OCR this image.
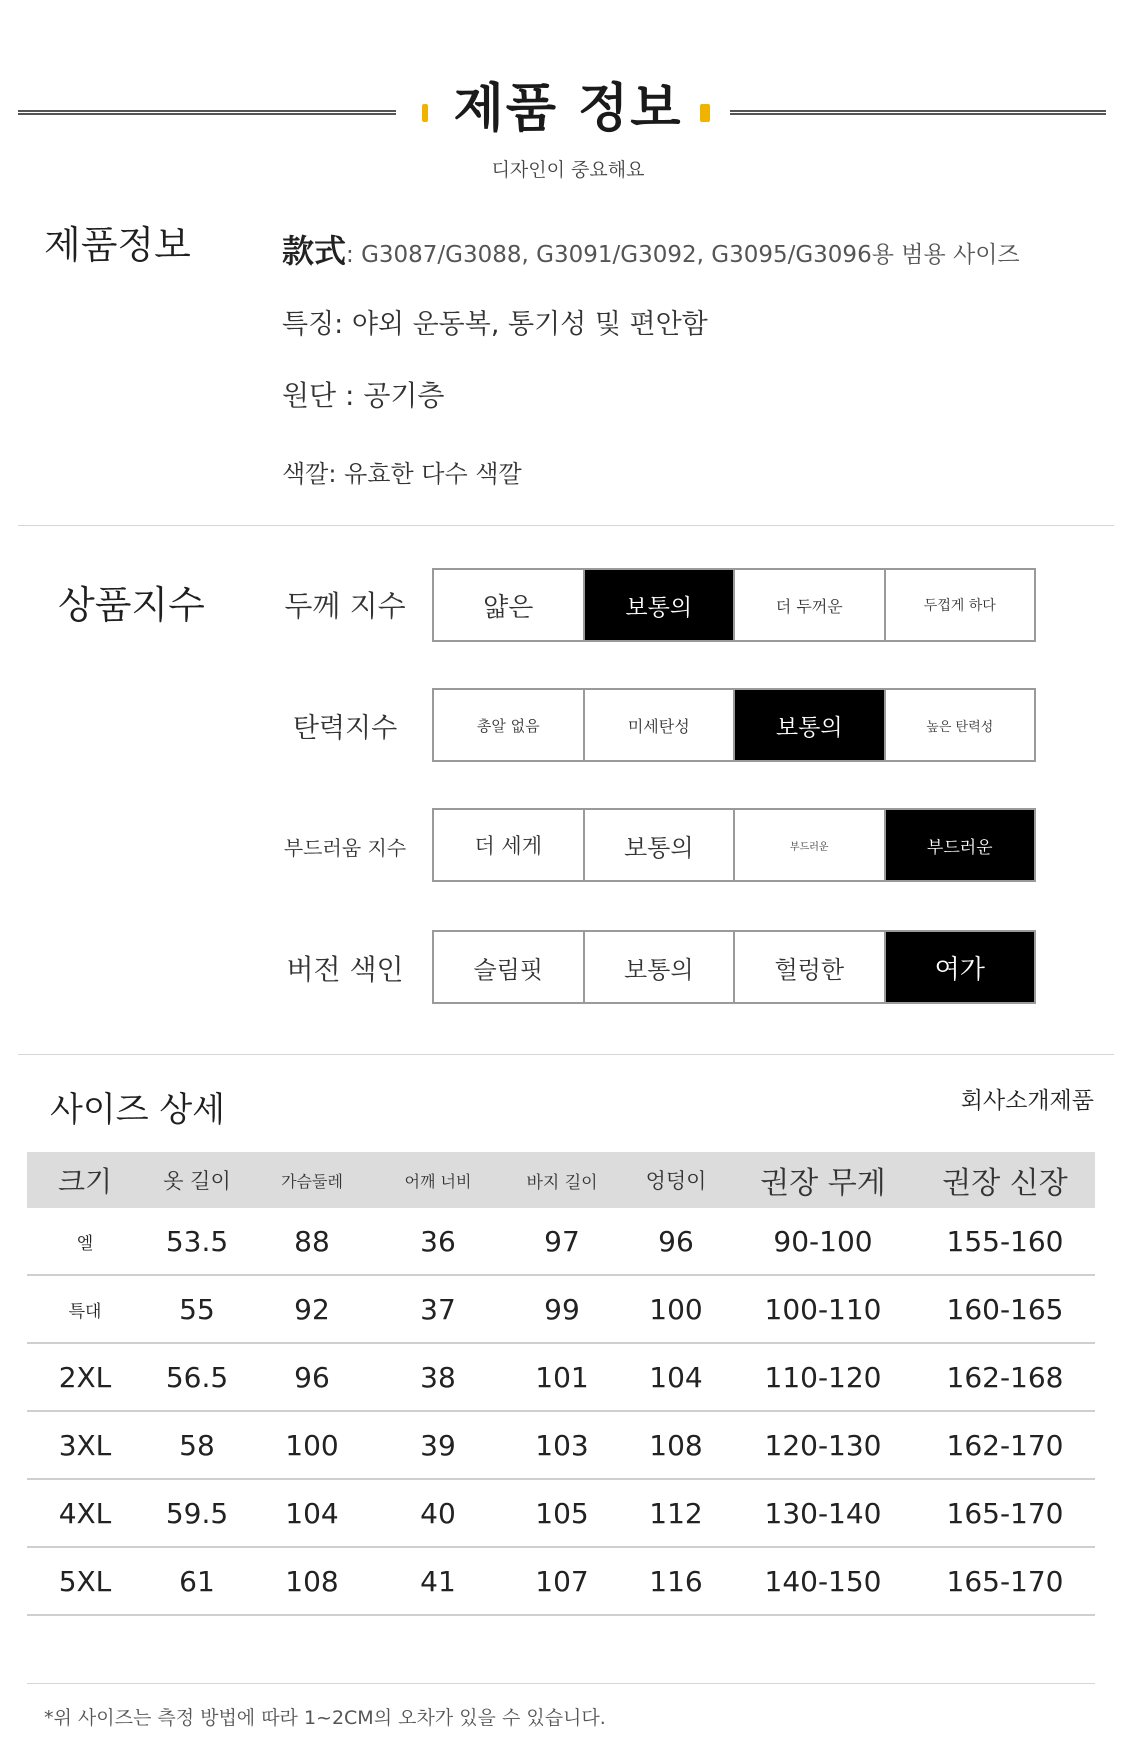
제품 정보
디자인이 중요해요
제품정보	款式: G3087/G3088, G3091/G3092, G3095/G3096용 범용 사이즈
특징: 야외 운동복, 통기성 및 편안함
원단 : 공기층
색깔: 유효한 다수 색깔
상품지수	두께 지수	얇은	보통의	더 두꺼운	두껍게 하다
탄력지수	총알 없음	미세탄성	보통의	높은 탄력성
부드러움 지수	더 세게	보통의	부드러운	부드러운
버전 색인	슬림핏	보통의	헐렁한	여가
사이즈 상세	회사소개제품
크기	옷 길이	가슴둘레	어깨 너비	바지 길이	엉덩이	권장 무게	권장 신장
엘	53.5	88	36	97	96	90-100	155-160
특대	55	92	37	99	100	100-110	160-165
2XL	56.5	96	38	101	104	110-120	162-168
3XL	58	100	39	103	108	120-130	162-170
4XL	59.5	104	40	105	112	130-140	165-170
5XL	61	108	41	107	116	140-150	165-170
*위 사이즈는 측정 방법에 따라 1~2CM의 오차가 있을 수 있습니다.
